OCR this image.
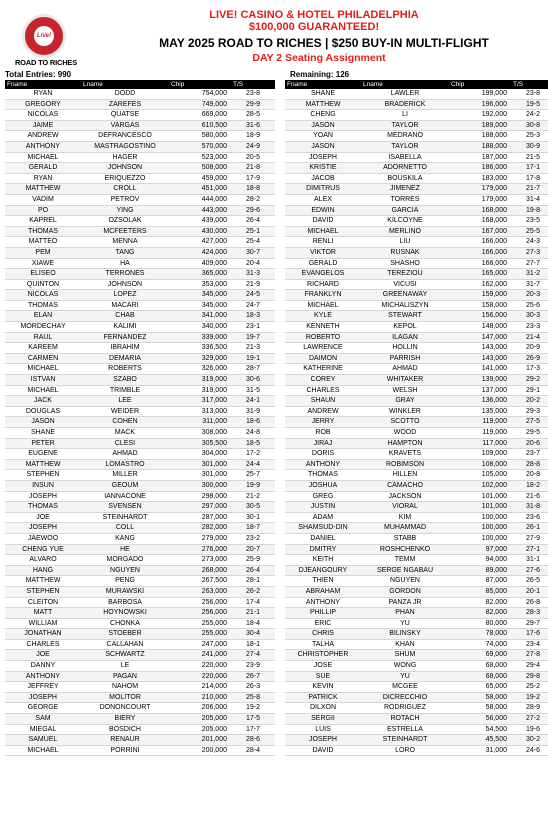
Live!
ROAD TO RICHES
LIVE! CASINO & HOTEL PHILADELPHIA
$100,000 GUARANTEED!
MAY 2025 ROAD TO RICHES | $250 BUY-IN MULTI-FLIGHT
DAY 2 Seating Assignment
Total Entries: 990	Remaining: 126
Fname	Lname	Chip	T/S
RYAN	DODD	754,000	23-8
GREGORY	ZAREFES	749,000	29-9
NICOLAS	QUATSE	669,000	28-5
JAIME	VARGAS	610,500	31-6
ANDREW	DEFRANCESCO	580,000	18-9
ANTHONY	MASTRAGOSTINO	570,000	24-9
MICHAEL	HAGER	523,000	20-5
GERALD	JOHNSON	508,000	21-8
RYAN	ERIQUEZZO	459,000	17-9
MATTHEW	CROLL	451,000	18-8
VADIM	PETROV	444,000	28-2
PO	YING	443,000	29-6
KAPREL	OZSOLAK	439,000	26-4
THOMAS	MCFEETERS	430,000	25-1
MATTEO	MENNA	427,000	25-4
PEM	TANG	424,000	30-7
XIAWE	HA	409,000	20-4
ELISEO	TERRONES	365,000	31-3
QUINTON	JOHNSON	353,000	21-9
NICOLAS	LOPEZ	345,000	24-5
THOMAS	MACARI	345,000	24-7
ELAN	CHAB	341,000	18-3
MORDECHAY	KALIMI	340,000	23-1
RAUL	FERNANDEZ	339,000	19-7
KAREEM	IBRAHIM	336,500	21-3
CARMEN	DEMARIA	329,000	19-1
MICHAEL	ROBERTS	326,000	28-7
ISTVAN	SZABO	319,000	30-6
MICHAEL	TRIMBLE	319,000	31-5
JACK	LEE	317,000	24-1
DOUGLAS	WEIDER	313,000	31-9
JASON	COHEN	311,000	18-6
SHANE	MACK	308,000	24-8
PETER	CLESI	305,500	18-5
EUGENE	AHMAD	304,000	17-2
MATTHEW	LOMASTRO	301,000	24-4
STEPHEN	MILLER	301,000	25-7
INSUN	GEOUM	300,000	19-9
JOSEPH	IANNACONE	298,000	21-2
THOMAS	SVENSEN	297,000	30-5
JOE	STEINHARDT	287,000	30-1
JOSEPH	COLL	282,000	18-7
JAEWOO	KANG	279,000	23-2
CHENG YUE	HE	276,000	20-7
ALVARO	MORGADO	273,000	25-9
HANG	NGUYEN	268,000	26-4
MATTHEW	PENG	267,500	28-1
STEPHEN	MURAWSKI	263,000	26-2
CLEITON	BARBOSA	256,000	17-4
MATT	HOYNOWSKI	256,000	21-1
WILLIAM	CHONKA	255,000	18-4
JONATHAN	STOEBER	255,000	30-4
CHARLES	CALLAHAN	247,000	18-1
JOE	SCHWARTZ	241,000	27-4
DANNY	LE	220,000	23-9
ANTHONY	PAGAN	220,000	26-7
JEFFREY	NAHOM	214,000	26-3
JOSEPH	MOLITOR	210,000	25-8
GEORGE	DONONCOURT	206,000	19-2
SAM	BIERY	205,000	17-5
MIEGAL	BOSDICH	205,000	17-7
SAMUEL	RENAUR	201,000	28-6
MICHAEL	PORRINI	200,000	28-4
Fname	Lname	Chip	T/S
SHANE	LAWLER	199,000	23-8
MATTHEW	BRADERICK	196,000	19-5
CHENG	LI	192,000	24-2
JASON	TAYLOR	189,000	30-8
YOAN	MEDRANO	188,000	25-3
JASON	TAYLOR	188,000	30-9
JOSEPH	ISABELLA	187,000	21-5
KRISTIE	ADORNETTO	186,000	17-1
JACOB	BOUSKILA	183,000	17-8
DIMITRUS	JIMENEZ	179,000	21-7
ALEX	TORRES	179,000	31-4
EDWIN	GARCIA	168,000	19-8
DAVID	KILCOYNE	168,000	23-5
MICHAEL	MERLINO	167,000	25-5
RENLI	LIU	166,000	24-3
VIKTOR	RUSNAK	166,000	27-3
GERALD	SHASHO	166,000	27-7
EVANGELOS	TEREZIOU	165,000	31-2
RICHARD	VICUSI	162,000	31-7
FRANKLYN	GREENAWAY	159,000	20-3
MICHAEL	MICHALISZYN	158,000	25-6
KYLE	STEWART	156,000	30-3
KENNETH	KEPOL	148,000	23-3
ROBERTO	ILAGAN	147,000	21-4
LAWRENCE	HOLLIN	143,000	20-9
DAIMON	PARRISH	143,000	26-9
KATHERINE	AHMAD	141,000	17-3
COREY	WHITAKER	139,000	29-2
CHARLES	WELSH	137,000	29-1
SHAUN	GRAY	136,000	20-2
ANDREW	WINKLER	135,000	29-3
JERRY	SCOTTO	119,000	27-5
ROB	WOOD	119,000	29-5
JIRAJ	HAMPTON	117,000	20-6
DORIS	KRAVETS	109,000	23-7
ANTHONY	ROBIMSON	108,000	28-8
THOMAS	HILLEN	105,000	20-8
JOSHUA	CAMACHO	102,000	18-2
GREG	JACKSON	101,000	21-6
JUSTIN	VIORAL	101,000	31-8
ADAM	KIM	100,000	23-6
SHAMSUD-DIN	MUHAMMAD	100,000	26-1
DANIEL	STABB	100,000	27-9
DMITRY	ROSHCHENKO	97,000	27-1
KEITH	TEMM	94,000	31-1
DJEANGOURY	SERGE NGABAU	89,000	27-6
THIEN	NGUYEN	87,000	26-5
ABRAHAM	GORDON	85,000	20-1
ANTHONY	PANZA JR	82,000	26-8
PHILLIP	PHAN	82,000	28-3
ERIC	YU	80,000	29-7
CHRIS	BILINSKY	78,000	17-6
TALHA	KHAN	74,000	23-4
CHRISTOPHER	SHUM	69,000	27-8
JOSE	WONG	68,000	29-4
SUE	YU	68,000	29-8
KEVIN	MCGEE	65,000	25-2
PATRICK	DICRECCHIO	58,000	19-2
DILXON	RODRIGUEZ	58,000	28-9
SERGII	ROTACH	56,000	27-2
LUIS	ESTRELLA	54,500	19-6
JOSEPH	STEINHARDT	45,500	30-2
DAVID	LORO	31,000	24-6
